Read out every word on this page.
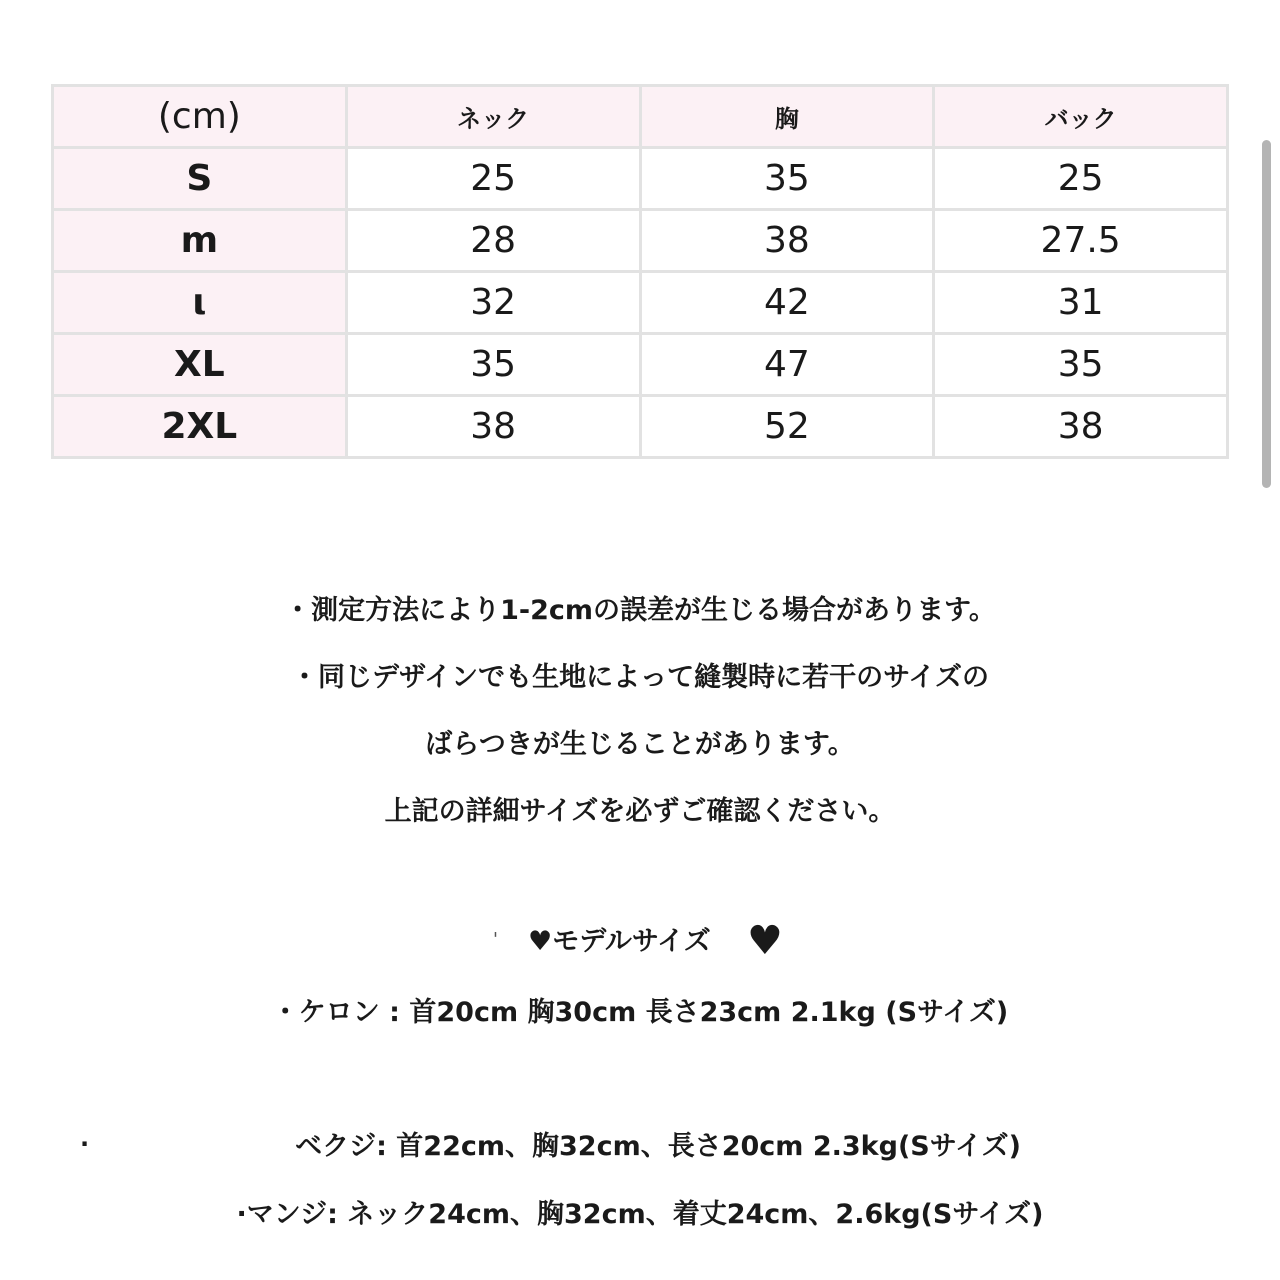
(cm)	ネック	胸	バック
S	25	35	25
m	28	38	27.5
ι	32	42	31
XL	35	47	35
2XL	38	52	38
・測定方法により1-2cmの誤差が生じる場合があります。
・同じデザインでも生地によって縫製時に若干のサイズの
ばらつきが生じることがあります。
上記の詳細サイズを必ずご確認ください。
' ♥モデルサイズ ♥
・ケロン : 首20cm 胸30cm 長さ23cm 2.1kg (Sサイズ)
·	ベクジ: 首22cm、胸32cm、長さ20cm 2.3kg(Sサイズ)
·マンジ: ネック24cm、胸32cm、着丈24cm、2.6kg(Sサイズ)
